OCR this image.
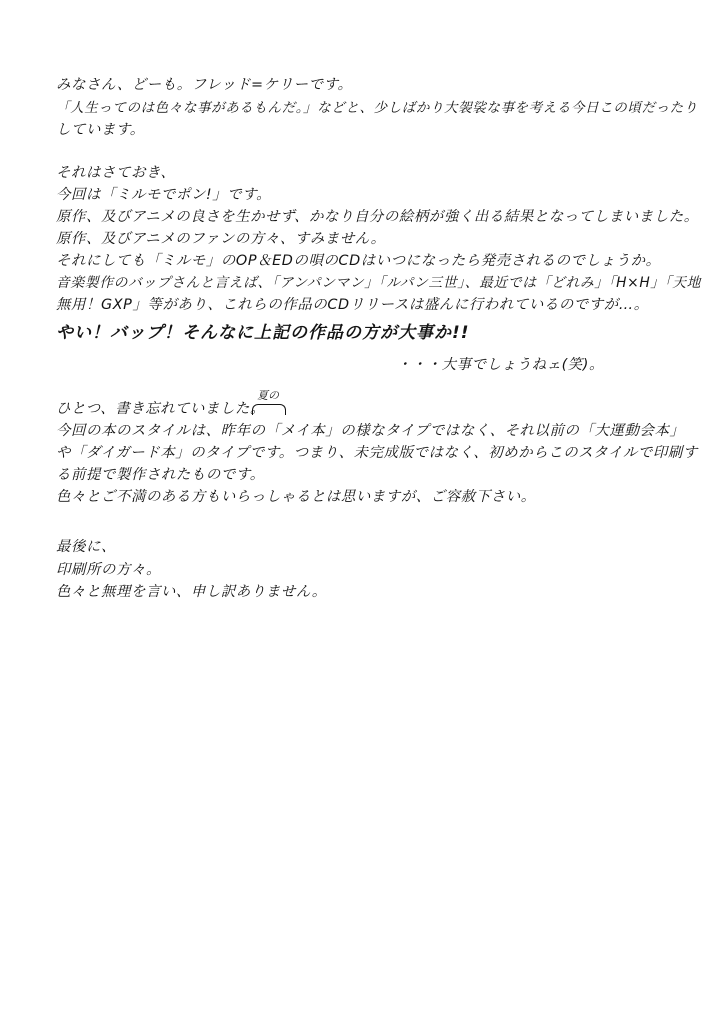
みなさん、どーも。フレッド=ケリーです。
「人生ってのは色々な事があるもんだ。」などと、少しばかり大袈裟な事を考える今日この頃だったり
しています。
それはさておき、
今回は「ミルモでポン!」です。
原作、及びアニメの良さを生かせず、かなり自分の絵柄が強く出る結果となってしまいました。
原作、及びアニメのファンの方々、すみません。
それにしても「ミルモ」のOP＆EDの唄のCDはいつになったら発売されるのでしょうか。
音楽製作のバップさんと言えば、「アンパンマン」「ルパン三世」、最近では「どれみ」「H×H」「天地
無用！GXP」等があり、これらの作品のCDリリースは盛んに行われているのですが…。
やい！バップ！そんなに上記の作品の方が大事か!!
・・・大事でしょうねェ(笑)。
ひとつ、書き忘れていました。
夏の
今回の本のスタイルは、昨年の「メイ本」の様なタイプではなく、それ以前の「大運動会本」
や「ダイガード本」のタイプです。つまり、未完成版ではなく、初めからこのスタイルで印刷す
る前提で製作されたものです。
色々とご不満のある方もいらっしゃるとは思いますが、ご容赦下さい。
最後に、
印刷所の方々。
色々と無理を言い、申し訳ありません。
